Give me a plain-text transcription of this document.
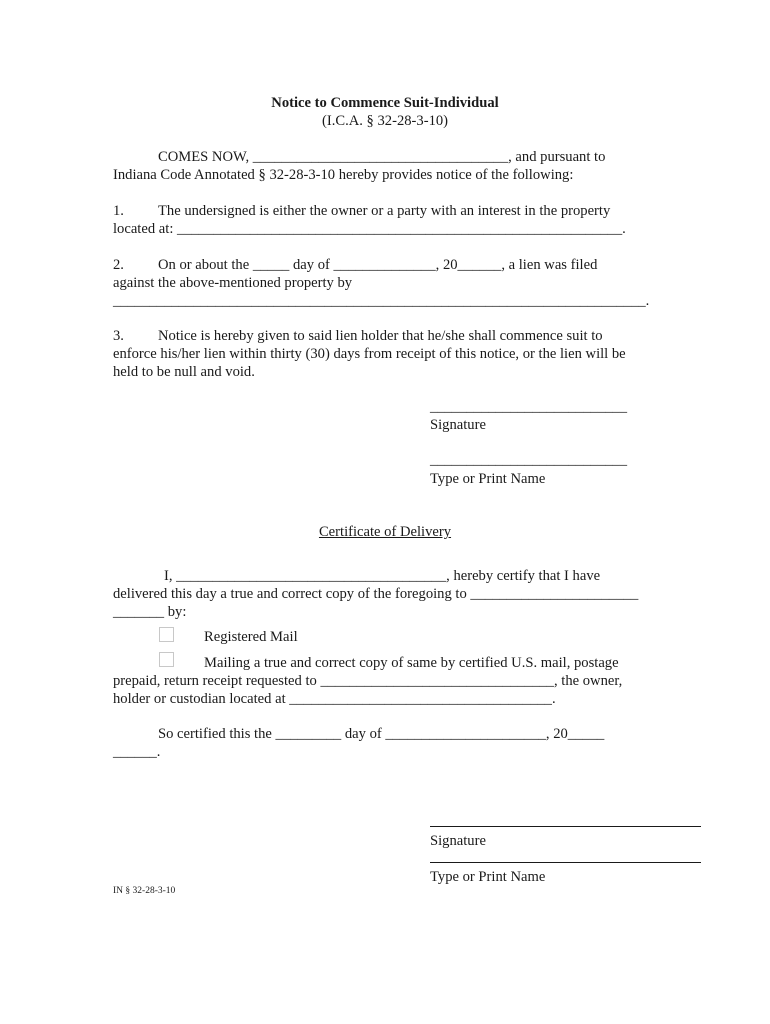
Notice to Commence Suit-Individual
(I.C.A. § 32-28-3-10)
COMES NOW, ___________________________________, and pursuant to
Indiana Code Annotated § 32-28-3-10 hereby provides notice of the following:
1. The undersigned is either the owner or a party with an interest in the property
located at: _____________________________________________________________.
2. On or about the _____ day of ______________, 20______, a lien was filed
against the above-mentioned property by
_________________________________________________________________________.
3. Notice is hereby given to said lien holder that he/she shall commence suit to
enforce his/her lien within thirty (30) days from receipt of this notice, or the lien will be
held to be null and void.
___________________________
Signature
___________________________
Type or Print Name
Certificate of Delivery
I, _____________________________________, hereby certify that I have
delivered this day a true and correct copy of the foregoing to _______________________
_______ by:
Registered Mail
Mailing a true and correct copy of same by certified U.S. mail, postage
prepaid, return receipt requested to ________________________________, the owner,
holder or custodian located at ____________________________________.
So certified this the _________ day of ______________________, 20_____
______.
Signature
Type or Print Name
IN § 32-28-3-10
